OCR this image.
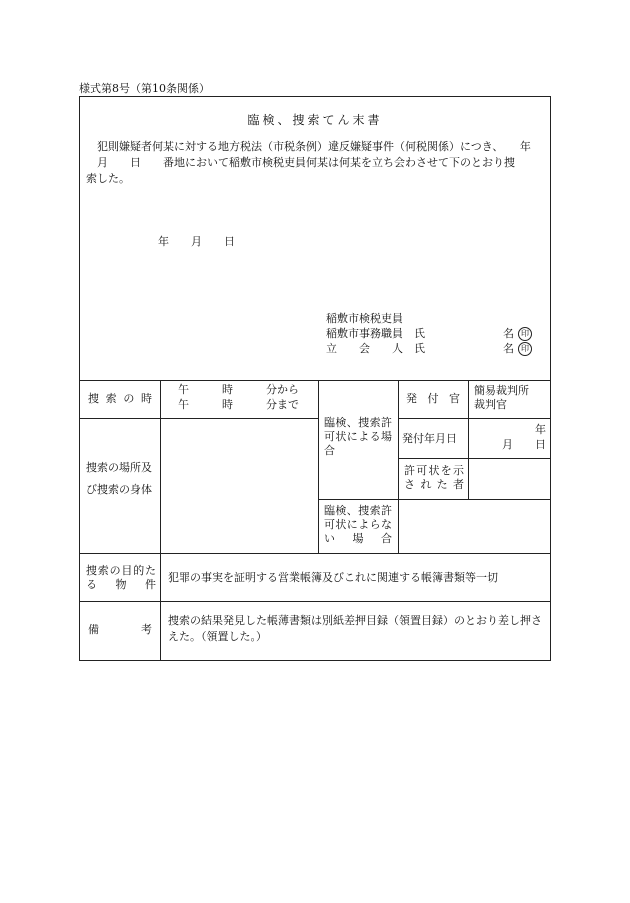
様式第8号（第10条関係）
臨検、捜索てん末書
犯則嫌疑者何某に対する地方税法（市税条例）違反嫌疑事件（何税関係）につき、　　年
月　　日　　番地において稲敷市検税吏員何某は何某を立ち会わさせて下のとおり捜
索した。
年　　月　　日
稲敷市検税吏員
稲敷市事務職員　氏
立　　会　　人　氏
名 印
名 印
捜索の時
午　　　時　　　分から
午　　　時　　　分まで
臨検、捜索許可状による場合
発付官
簡易裁判所
裁判官
発付年月日
年
月　　日
許可状を示された者
捜索の場所及び捜索の身体
臨検、捜索許可状によらない場合
捜索の目的たる物件
犯罪の事実を証明する営業帳簿及びこれに関連する帳簿書類等一切
備考
捜索の結果発見した帳薄書類は別紙差押目録（領置目録）のとおり差し押さえた。（領置した。）
